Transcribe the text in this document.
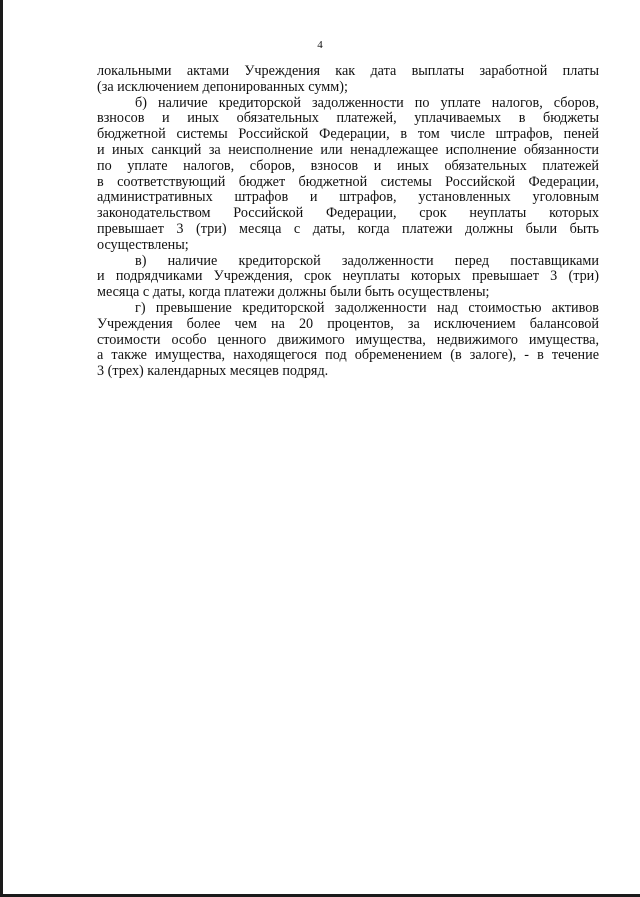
4
локальными актами Учреждения как дата выплаты заработной платы
(за исключением депонированных сумм);
б) наличие кредиторской задолженности по уплате налогов, сборов,
взносов и иных обязательных платежей, уплачиваемых в бюджеты
бюджетной системы Российской Федерации, в том числе штрафов, пеней
и иных санкций за неисполнение или ненадлежащее исполнение обязанности
по уплате налогов, сборов, взносов и иных обязательных платежей
в соответствующий бюджет бюджетной системы Российской Федерации,
административных штрафов и штрафов, установленных уголовным
законодательством Российской Федерации, срок неуплаты которых
превышает 3 (три) месяца с даты, когда платежи должны были быть
осуществлены;
в) наличие кредиторской задолженности перед поставщиками
и подрядчиками Учреждения, срок неуплаты которых превышает 3 (три)
месяца с даты, когда платежи должны были быть осуществлены;
г) превышение кредиторской задолженности над стоимостью активов
Учреждения более чем на 20 процентов, за исключением балансовой
стоимости особо ценного движимого имущества, недвижимого имущества,
а также имущества, находящегося под обременением (в залоге), - в течение
3 (трех) календарных месяцев подряд.
